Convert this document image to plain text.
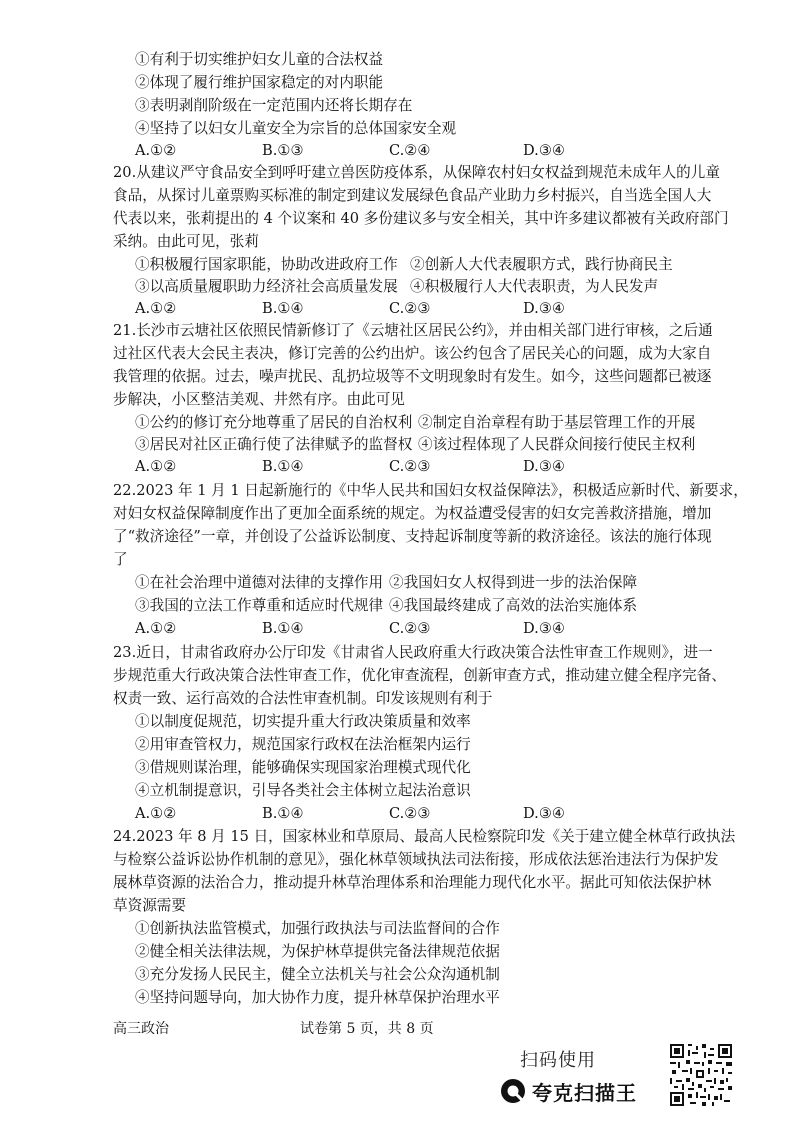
①有利于切实维护妇女儿童的合法权益
②体现了履行维护国家稳定的对内职能
③表明剥削阶级在一定范围内还将长期存在
④坚持了以妇女儿童安全为宗旨的总体国家安全观
A.①②	B.①③	C.②④	D.③④
20.从建议严守食品安全到呼吁建立兽医防疫体系，从保障农村妇女权益到规范未成年人的儿童
食品，从探讨儿童票购买标准的制定到建议发展绿色食品产业助力乡村振兴，自当选全国人大
代表以来，张莉提出的 4 个议案和 40 多份建议多与安全相关，其中许多建议都被有关政府部门
采纳。由此可见，张莉
①积极履行国家职能，协助改进政府工作 ②创新人大代表履职方式，践行协商民主
③以高质量履职助力经济社会高质量发展 ④积极履行人大代表职责，为人民发声
A.①②	B.①④	C.②③	D.③④
21.长沙市云塘社区依照民情新修订了《云塘社区居民公约》，并由相关部门进行审核，之后通
过社区代表大会民主表决，修订完善的公约出炉。该公约包含了居民关心的问题，成为大家自
我管理的依据。过去，噪声扰民、乱扔垃圾等不文明现象时有发生。如今，这些问题都已被逐
步解决，小区整洁美观、井然有序。由此可见
①公约的修订充分地尊重了居民的自治权利 ②制定自治章程有助于基层管理工作的开展
③居民对社区正确行使了法律赋予的监督权 ④该过程体现了人民群众间接行使民主权利
A.①②	B.①④	C.②③	D.③④
22.2023 年 1 月 1 日起新施行的《中华人民共和国妇女权益保障法》，积极适应新时代、新要求，
对妇女权益保障制度作出了更加全面系统的规定。为权益遭受侵害的妇女完善救济措施，增加
了“救济途径”一章，并创设了公益诉讼制度、支持起诉制度等新的救济途径。该法的施行体现
了
①在社会治理中道德对法律的支撑作用 ②我国妇女人权得到进一步的法治保障
③我国的立法工作尊重和适应时代规律 ④我国最终建成了高效的法治实施体系
A.①②	B.①④	C.②③	D.③④
23.近日，甘肃省政府办公厅印发《甘肃省人民政府重大行政决策合法性审查工作规则》，进一
步规范重大行政决策合法性审查工作，优化审查流程，创新审查方式，推动建立健全程序完备、
权责一致、运行高效的合法性审查机制。印发该规则有利于
①以制度促规范，切实提升重大行政决策质量和效率
②用审查管权力，规范国家行政权在法治框架内运行
③借规则谋治理，能够确保实现国家治理模式现代化
④立机制提意识，引导各类社会主体树立起法治意识
A.①②	B.①④	C.②③	D.③④
24.2023 年 8 月 15 日，国家林业和草原局、最高人民检察院印发《关于建立健全林草行政执法
与检察公益诉讼协作机制的意见》，强化林草领域执法司法衔接，形成依法惩治违法行为保护发
展林草资源的法治合力，推动提升林草治理体系和治理能力现代化水平。据此可知依法保护林
草资源需要
①创新执法监管模式，加强行政执法与司法监督间的合作
②健全相关法律法规，为保护林草提供完备法律规范依据
③充分发扬人民民主，健全立法机关与社会公众沟通机制
④坚持问题导向，加大协作力度，提升林草保护治理水平
高三政治	试卷第 5 页，共 8 页
扫码使用
夸克扫描王
